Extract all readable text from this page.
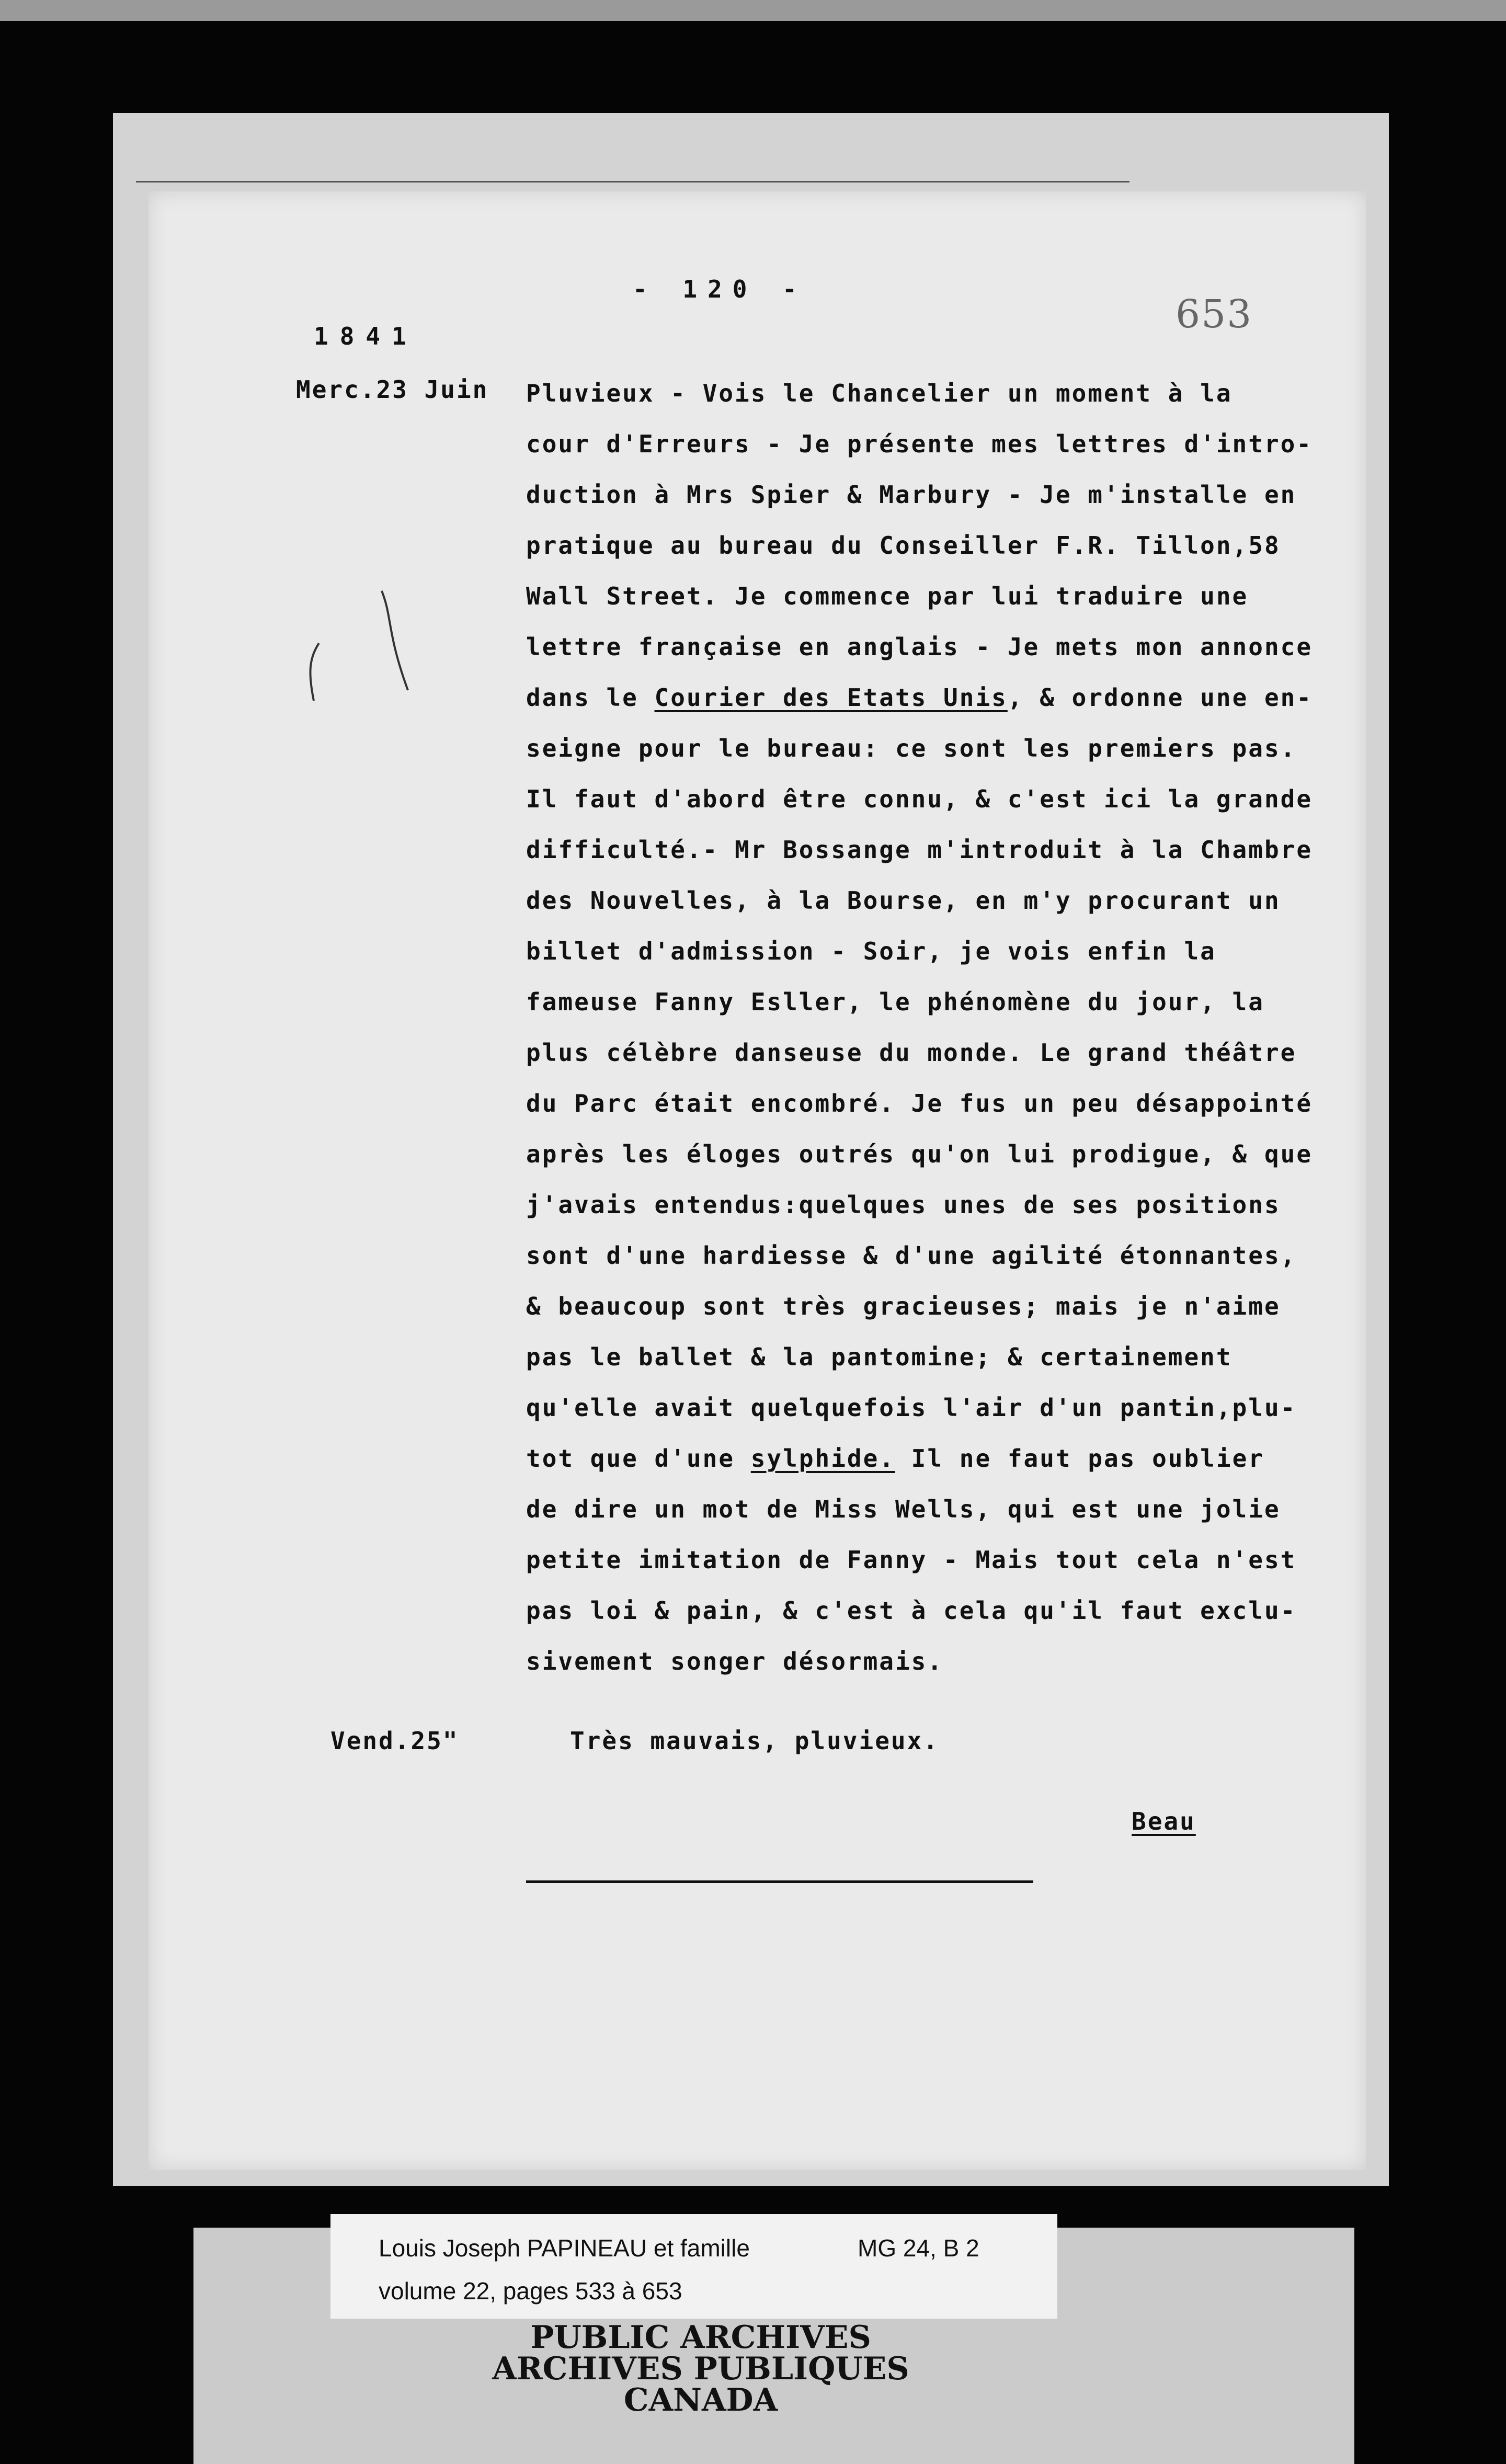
- 120 -
653
1841
Merc.23 Juin Pluvieux - Vois le Chancelier un moment à la
cour d'Erreurs - Je présente mes lettres d'intro-
duction à Mrs Spier & Marbury - Je m'installe en
pratique au bureau du Conseiller F.R. Tillon,58
Wall Street. Je commence par lui traduire une
lettre française en anglais - Je mets mon annonce
dans le Courier des Etats Unis, & ordonne une en-
seigne pour le bureau: ce sont les premiers pas.
Il faut d'abord être connu, & c'est ici la grande
difficulté.- Mr Bossange m'introduit à la Chambre
des Nouvelles, à la Bourse, en m'y procurant un
billet d'admission - Soir, je vois enfin la
fameuse Fanny Esller, le phénomène du jour, la
plus célèbre danseuse du monde. Le grand théâtre
du Parc était encombré. Je fus un peu désappointé
après les éloges outrés qu'on lui prodigue, & que
j'avais entendus:quelques unes de ses positions
sont d'une hardiesse & d'une agilité étonnantes,
& beaucoup sont très gracieuses; mais je n'aime
pas le ballet & la pantomine; & certainement
qu'elle avait quelquefois l'air d'un pantin,plu-
tot que d'une sylphide. Il ne faut pas oublier
de dire un mot de Miss Wells, qui est une jolie
petite imitation de Fanny - Mais tout cela n'est
pas loi & pain, & c'est à cela qu'il faut exclu-
sivement songer désormais.
Vend.25"	Très mauvais, pluvieux.
Beau
Louis Joseph PAPINEAU et famille	MG 24, B 2
volume 22, pages 533 à 653
PUBLIC ARCHIVES
ARCHIVES PUBLIQUES
CANADA
